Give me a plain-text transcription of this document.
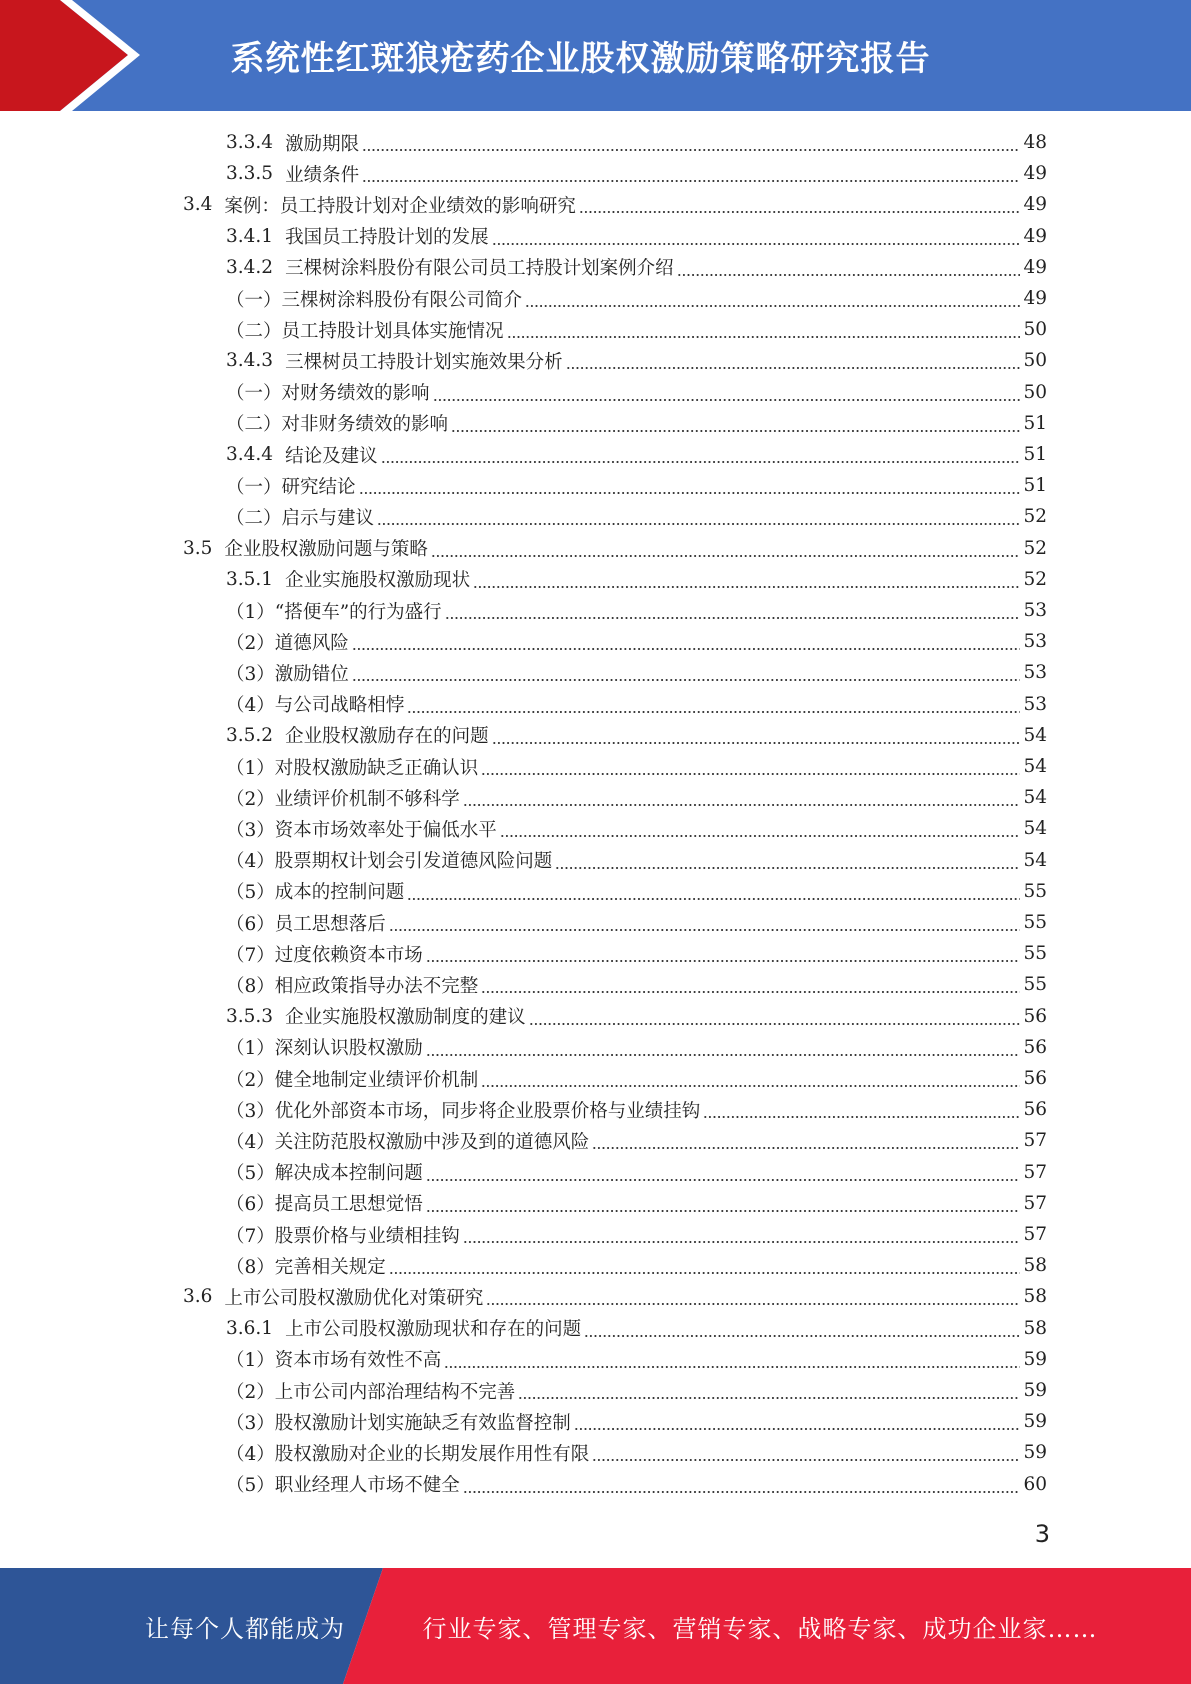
系统性红斑狼疮药企业股权激励策略研究报告
3.3.4 激励期限	48
3.3.5 业绩条件	49
3.4 案例：员工持股计划对企业绩效的影响研究	49
3.4.1 我国员工持股计划的发展	49
3.4.2 三棵树涂料股份有限公司员工持股计划案例介绍	49
（一）三棵树涂料股份有限公司简介	49
（二）员工持股计划具体实施情况	50
3.4.3 三棵树员工持股计划实施效果分析	50
（一）对财务绩效的影响	50
（二）对非财务绩效的影响	51
3.4.4 结论及建议	51
（一）研究结论	51
（二）启示与建议	52
3.5 企业股权激励问题与策略	52
3.5.1 企业实施股权激励现状	52
（1）“搭便车”的行为盛行	53
（2）道德风险	53
（3）激励错位	53
（4）与公司战略相悖	53
3.5.2 企业股权激励存在的问题	54
（1）对股权激励缺乏正确认识	54
（2）业绩评价机制不够科学	54
（3）资本市场效率处于偏低水平	54
（4）股票期权计划会引发道德风险问题	54
（5）成本的控制问题	55
（6）员工思想落后	55
（7）过度依赖资本市场	55
（8）相应政策指导办法不完整	55
3.5.3 企业实施股权激励制度的建议	56
（1）深刻认识股权激励	56
（2）健全地制定业绩评价机制	56
（3）优化外部资本市场，同步将企业股票价格与业绩挂钩	56
（4）关注防范股权激励中涉及到的道德风险	57
（5）解决成本控制问题	57
（6）提高员工思想觉悟	57
（7）股票价格与业绩相挂钩	57
（8）完善相关规定	58
3.6 上市公司股权激励优化对策研究	58
3.6.1 上市公司股权激励现状和存在的问题	58
（1）资本市场有效性不高	59
（2）上市公司内部治理结构不完善	59
（3）股权激励计划实施缺乏有效监督控制	59
（4）股权激励对企业的长期发展作用性有限	59
（5）职业经理人市场不健全	60
3
让每个人都能成为	行业专家、管理专家、营销专家、战略专家、成功企业家……
